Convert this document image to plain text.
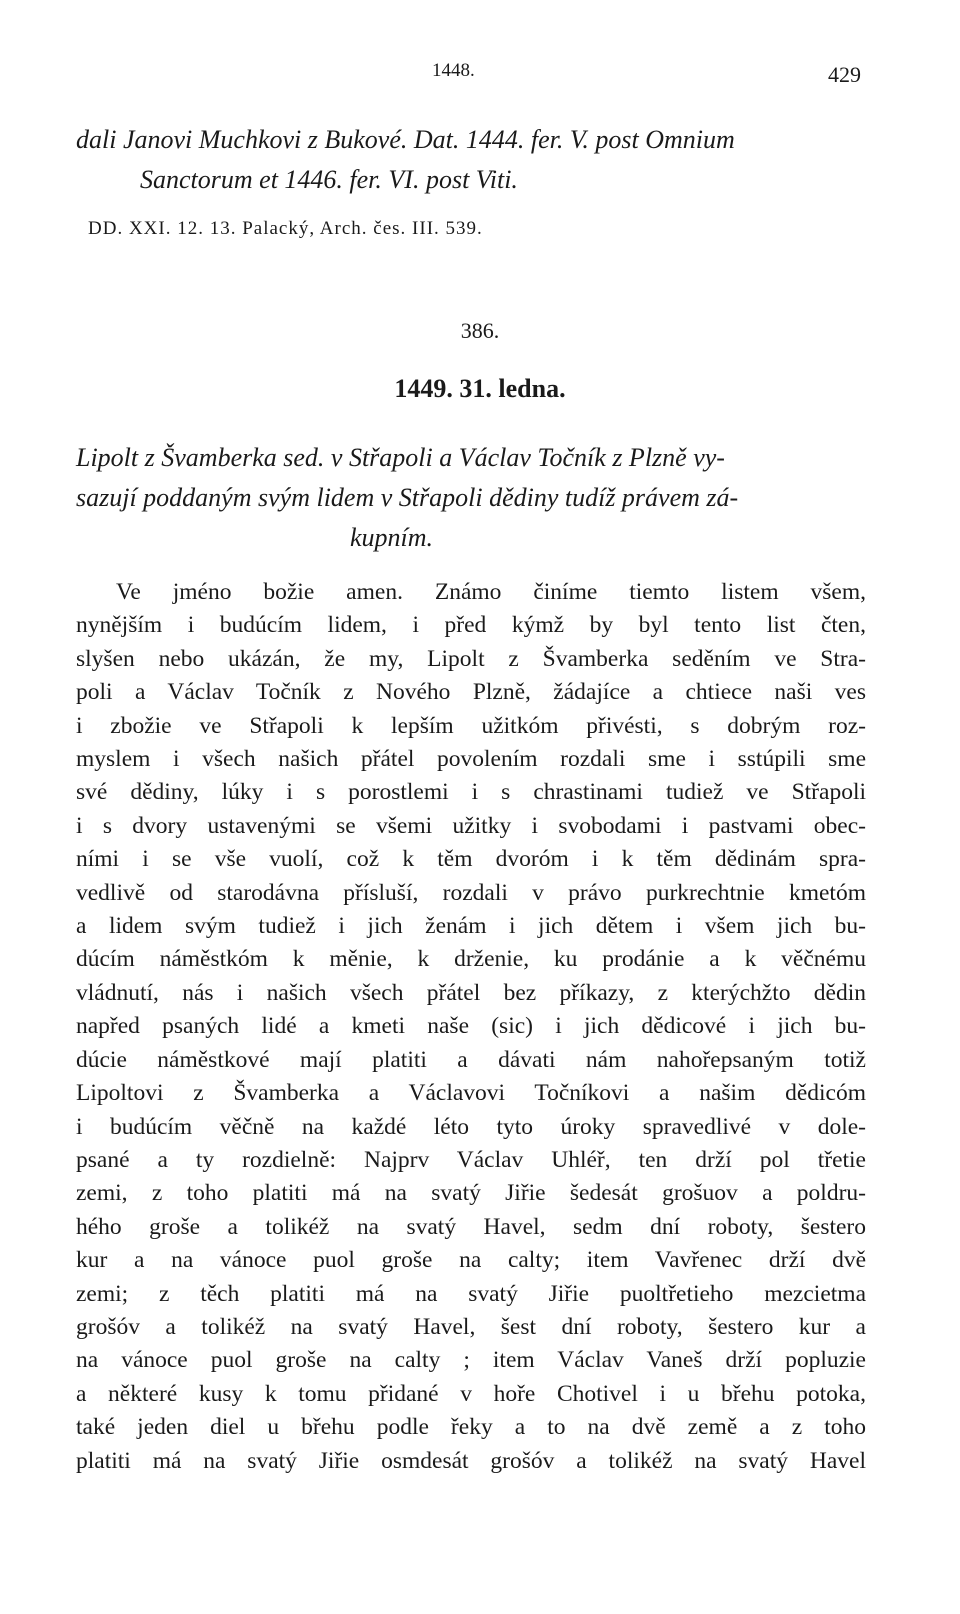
1448.	429
dali Janovi Muchkovi z Bukové. Dat. 1444. fer. V. post Omnium
Sanctorum et 1446. fer. VI. post Viti.
DD. XXI. 12. 13. Palacký, Arch. čes. III. 539.
386.
1449. 31. ledna.
Lipolt z Švamberka sed. v Střapoli a Václav Točník z Plzně vy-
sazují poddaným svým lidem v Střapoli dědiny tudíž právem zá-
kupním.
Ve jméno božie amen. Známo činíme tiemto listem všem,
nynějším i budúcím lidem, i před kýmž by byl tento list čten,
slyšen nebo ukázán, že my, Lipolt z Švamberka seděním ve Stra-
poli a Václav Točník z Nového Plzně, žádajíce a chtiece naši ves
i zbožie ve Střapoli k lepším užitkóm přivésti, s dobrým roz-
myslem i všech našich přátel povolením rozdali sme i sstúpili sme
své dědiny, lúky i s porostlemi i s chrastinami tudiež ve Střapoli
i s dvory ustavenými se všemi užitky i svobodami i pastvami obec-
ními i se vše vuolí, což k těm dvoróm i k těm dědinám spra-
vedlivě od starodávna přísluší, rozdali v právo purkrechtnie kmetóm
a lidem svým tudiež i jich ženám i jich dětem i všem jich bu-
dúcím náměstkóm k měnie, k drženie, ku prodánie a k věčnému
vládnutí, nás i našich všech přátel bez příkazy, z kterýchžto dědin
napřed psaných lidé a kmeti naše (sic) i jich dědicové i jich bu-
dúcie náměstkové mají platiti a dávati nám nahořepsaným totiž
Lipoltovi z Švamberka a Václavovi Točníkovi a našim dědicóm
i budúcím věčně na každé léto tyto úroky spravedlivé v dole-
psané a ty rozdielně: Najprv Václav Uhléř, ten drží pol třetie
zemi, z toho platiti má na svatý Jiřie šedesát grošuov a poldru-
hého groše a tolikéž na svatý Havel, sedm dní roboty, šestero
kur a na vánoce puol groše na calty; item Vavřenec drží dvě
zemi; z těch platiti má na svatý Jiřie puoltřetieho mezcietma
grošóv a tolikéž na svatý Havel, šest dní roboty, šestero kur a
na vánoce puol groše na calty ; item Václav Vaneš drží popluzie
a některé kusy k tomu přidané v hoře Chotivel i u břehu potoka,
také jeden diel u břehu podle řeky a to na dvě země a z toho
platiti má na svatý Jiřie osmdesát grošóv a tolikéž na svatý Havel
